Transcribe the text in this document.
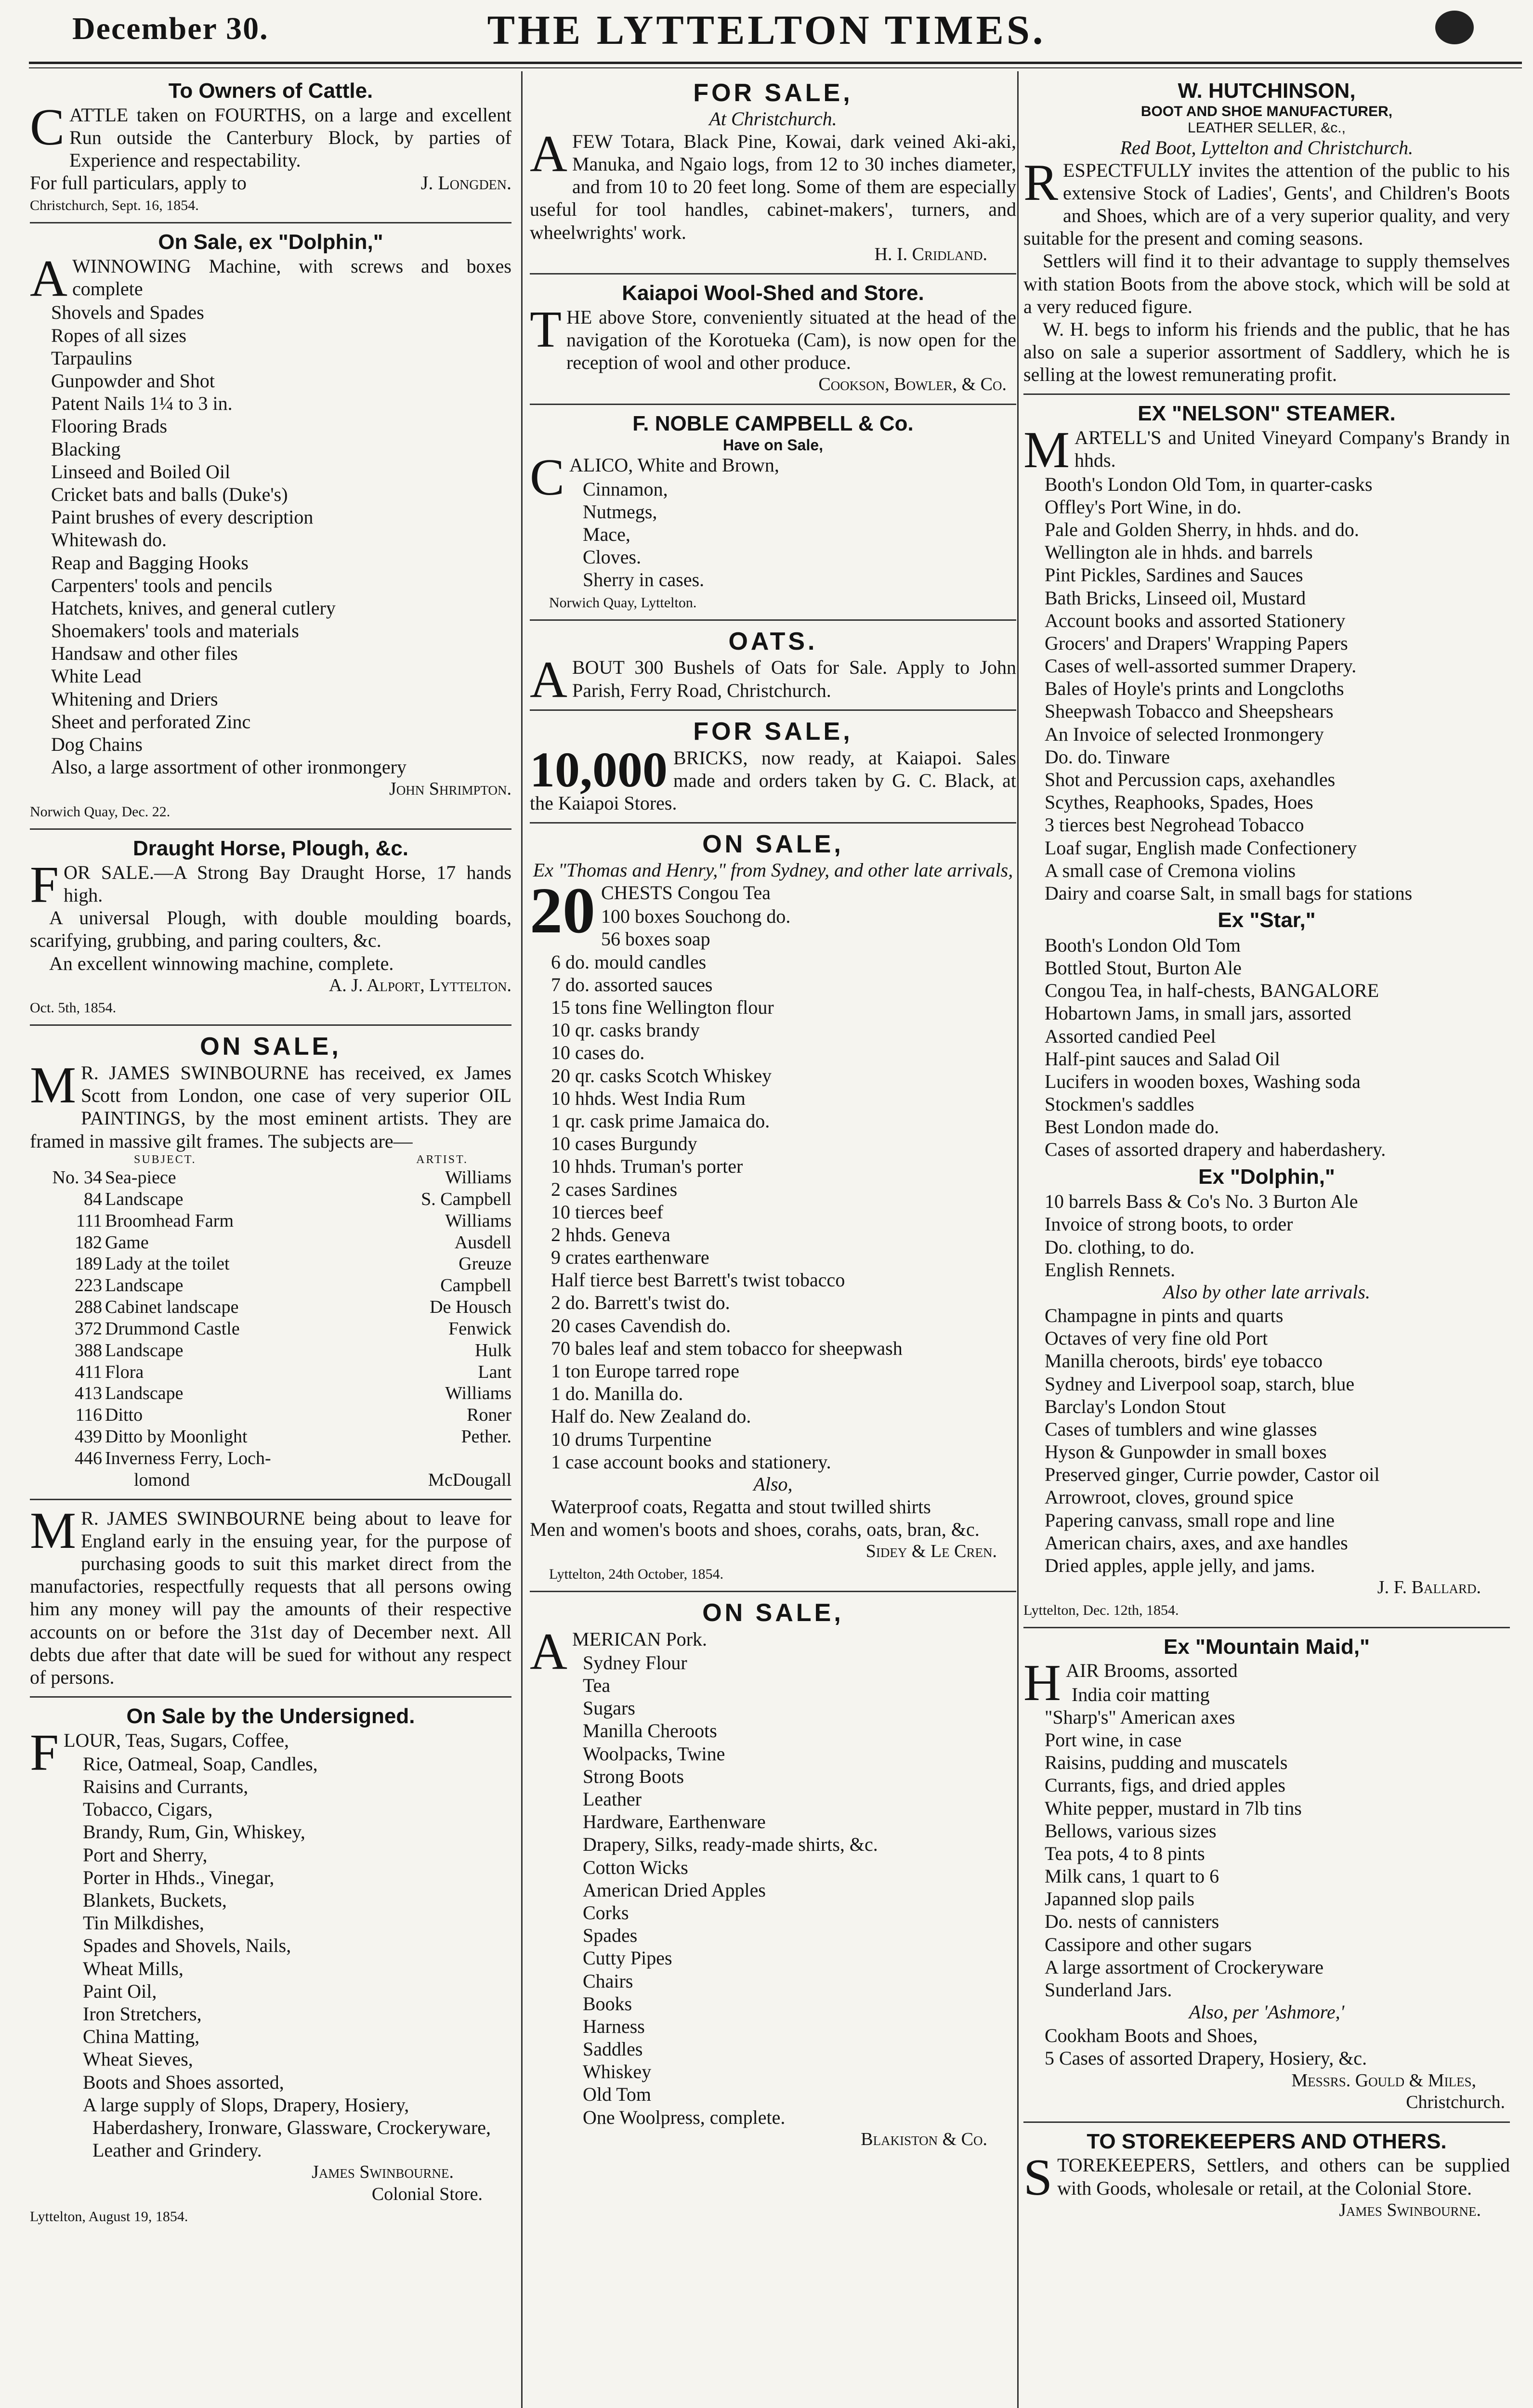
December 30.	THE LYTTELTON TIMES.
To Owners of Cattle.
CATTLE taken on FOURTHS, on a large and excellent Run outside the Canterbury Block, by parties of Experience and respectability.
For full particulars, apply to	J. Longden.
Christchurch, Sept. 16, 1854.
On Sale, ex "Dolphin,"
AWINNOWING Machine, with screws and boxes complete
Shovels and Spades
Ropes of all sizes
Tarpaulins
Gunpowder and Shot
Patent Nails 1¼ to 3 in.
Flooring Brads
Blacking
Linseed and Boiled Oil
Cricket bats and balls (Duke's)
Paint brushes of every description
Whitewash do.
Reap and Bagging Hooks
Carpenters' tools and pencils
Hatchets, knives, and general cutlery
Shoemakers' tools and materials
Handsaw and other files
White Lead
Whitening and Driers
Sheet and perforated Zinc
Dog Chains
Also, a large assortment of other ironmongery
John Shrimpton.
Norwich Quay, Dec. 22.
Draught Horse, Plough, &c.
FOR SALE.—A Strong Bay Draught Horse, 17 hands high.
A universal Plough, with double moulding boards, scarifying, grubbing, and paring coulters, &c.
An excellent winnowing machine, complete.
A. J. Alport, Lyttelton.
Oct. 5th, 1854.
ON SALE,
M R. JAMES SWINBOURNE has received, ex James Scott from London, one case of very superior OIL PAINTINGS, by the most eminent artists. They are framed in massive gilt frames. The subjects are—
	SUBJECT.	ARTIST.
No. 34	Sea-piece	Williams
84	Landscape	S. Campbell
111	Broomhead Farm	Williams
182	Game	Ausdell
189	Lady at the toilet	Greuze
223	Landscape	Campbell
288	Cabinet landscape	De Housch
372	Drummond Castle	Fenwick
388	Landscape	Hulk
411	Flora	Lant
413	Landscape	Williams
116	Ditto	Roner
439	Ditto by Moonlight	Pether.
446	Inverness Ferry, Loch-	
	lomond	McDougall
M R. JAMES SWINBOURNE being about to leave for England early in the ensuing year, for the purpose of purchasing goods to suit this market direct from the manufactories, respectfully requests that all persons owing him any money will pay the amounts of their respective accounts on or before the 31st day of December next. All debts due after that date will be sued for without any respect of persons.
On Sale by the Undersigned.
FLOUR, Teas, Sugars, Coffee,
Rice, Oatmeal, Soap, Candles,
Raisins and Currants,
Tobacco, Cigars,
Brandy, Rum, Gin, Whiskey,
Port and Sherry,
Porter in Hhds., Vinegar,
Blankets, Buckets,
Tin Milkdishes,
Spades and Shovels, Nails,
Wheat Mills,
Paint Oil,
Iron Stretchers,
China Matting,
Wheat Sieves,
Boots and Shoes assorted,
A large supply of Slops, Drapery, Hosiery, Haberdashery, Ironware, Glassware, Crockeryware, Leather and Grindery.
James Swinbourne.
Colonial Store.
Lyttelton, August 19, 1854.
FOR SALE,
At Christchurch.
AFEW Totara, Black Pine, Kowai, dark veined Aki-aki, Manuka, and Ngaio logs, from 12 to 30 inches diameter, and from 10 to 20 feet long. Some of them are especially useful for tool handles, cabinet-makers', turners, and wheelwrights' work.
H. I. Cridland.
Kaiapoi Wool-Shed and Store.
THE above Store, conveniently situated at the head of the navigation of the Korotueka (Cam), is now open for the reception of wool and other produce.
Cookson, Bowler, & Co.
F. NOBLE CAMPBELL & Co.
Have on Sale,
CALICO, White and Brown,
Cinnamon,
Nutmegs,
Mace,
Cloves.
Sherry in cases.
Norwich Quay, Lyttelton.
OATS.
ABOUT 300 Bushels of Oats for Sale. Apply to John Parish, Ferry Road, Christchurch.
FOR SALE,
10,000 BRICKS, now ready, at Kaiapoi. Sales made and orders taken by G. C. Black, at the Kaiapoi Stores.
ON SALE,
Ex "Thomas and Henry," from Sydney, and other late arrivals,
20 CHESTS Congou Tea
100 boxes Souchong do.
56 boxes soap
6 do. mould candles
7 do. assorted sauces
15 tons fine Wellington flour
10 qr. casks brandy
10 cases do.
20 qr. casks Scotch Whiskey
10 hhds. West India Rum
1 qr. cask prime Jamaica do.
10 cases Burgundy
10 hhds. Truman's porter
2 cases Sardines
10 tierces beef
2 hhds. Geneva
9 crates earthenware
Half tierce best Barrett's twist tobacco
2 do. Barrett's twist do.
20 cases Cavendish do.
70 bales leaf and stem tobacco for sheepwash
1 ton Europe tarred rope
1 do. Manilla do.
Half do. New Zealand do.
10 drums Turpentine
1 case account books and stationery.
Also,
Waterproof coats, Regatta and stout twilled shirts
Men and women's boots and shoes, corahs, oats, bran, &c.
Sidey & Le Cren.
Lyttelton, 24th October, 1854.
ON SALE,
AMERICAN Pork.
Sydney Flour
Tea
Sugars
Manilla Cheroots
Woolpacks, Twine
Strong Boots
Leather
Hardware, Earthenware
Drapery, Silks, ready-made shirts, &c.
Cotton Wicks
American Dried Apples
Corks
Spades
Cutty Pipes
Chairs
Books
Harness
Saddles
Whiskey
Old Tom
One Woolpress, complete.
Blakiston & Co.
W. HUTCHINSON,
BOOT AND SHOE MANUFACTURER,
LEATHER SELLER, &c.,
Red Boot, Lyttelton and Christchurch.
RESPECTFULLY invites the attention of the public to his extensive Stock of Ladies', Gents', and Children's Boots and Shoes, which are of a very superior quality, and very suitable for the present and coming seasons.
Settlers will find it to their advantage to supply themselves with station Boots from the above stock, which will be sold at a very reduced figure.
W. H. begs to inform his friends and the public, that he has also on sale a superior assortment of Saddlery, which he is selling at the lowest remunerating profit.
EX "NELSON" STEAMER.
MARTELL'S and United Vineyard Company's Brandy in hhds.
Booth's London Old Tom, in quarter-casks
Offley's Port Wine, in do.
Pale and Golden Sherry, in hhds. and do.
Wellington ale in hhds. and barrels
Pint Pickles, Sardines and Sauces
Bath Bricks, Linseed oil, Mustard
Account books and assorted Stationery
Grocers' and Drapers' Wrapping Papers
Cases of well-assorted summer Drapery.
Bales of Hoyle's prints and Longcloths
Sheepwash Tobacco and Sheepshears
An Invoice of selected Ironmongery
Do. do. Tinware
Shot and Percussion caps, axehandles
Scythes, Reaphooks, Spades, Hoes
3 tierces best Negrohead Tobacco
Loaf sugar, English made Confectionery
A small case of Cremona violins
Dairy and coarse Salt, in small bags for stations
Ex "Star,"
Booth's London Old Tom
Bottled Stout, Burton Ale
Congou Tea, in half-chests, BANGALORE
Hobartown Jams, in small jars, assorted
Assorted candied Peel
Half-pint sauces and Salad Oil
Lucifers in wooden boxes, Washing soda
Stockmen's saddles
Best London made do.
Cases of assorted drapery and haberdashery.
Ex "Dolphin,"
10 barrels Bass & Co's No. 3 Burton Ale
Invoice of strong boots, to order
Do. clothing, to do.
English Rennets.
Also by other late arrivals.
Champagne in pints and quarts
Octaves of very fine old Port
Manilla cheroots, birds' eye tobacco
Sydney and Liverpool soap, starch, blue
Barclay's London Stout
Cases of tumblers and wine glasses
Hyson & Gunpowder in small boxes
Preserved ginger, Currie powder, Castor oil
Arrowroot, cloves, ground spice
Papering canvass, small rope and line
American chairs, axes, and axe handles
Dried apples, apple jelly, and jams.
J. F. Ballard.
Lyttelton, Dec. 12th, 1854.
Ex "Mountain Maid,"
HAIR Brooms, assorted
India coir matting
"Sharp's" American axes
Port wine, in case
Raisins, pudding and muscatels
Currants, figs, and dried apples
White pepper, mustard in 7lb tins
Bellows, various sizes
Tea pots, 4 to 8 pints
Milk cans, 1 quart to 6
Japanned slop pails
Do. nests of cannisters
Cassipore and other sugars
A large assortment of Crockeryware
Sunderland Jars.
Also, per 'Ashmore,'
Cookham Boots and Shoes,
5 Cases of assorted Drapery, Hosiery, &c.
Messrs. Gould & Miles,
Christchurch.
TO STOREKEEPERS AND OTHERS.
STOREKEEPERS, Settlers, and others can be supplied with Goods, wholesale or retail, at the Colonial Store.
James Swinbourne.
